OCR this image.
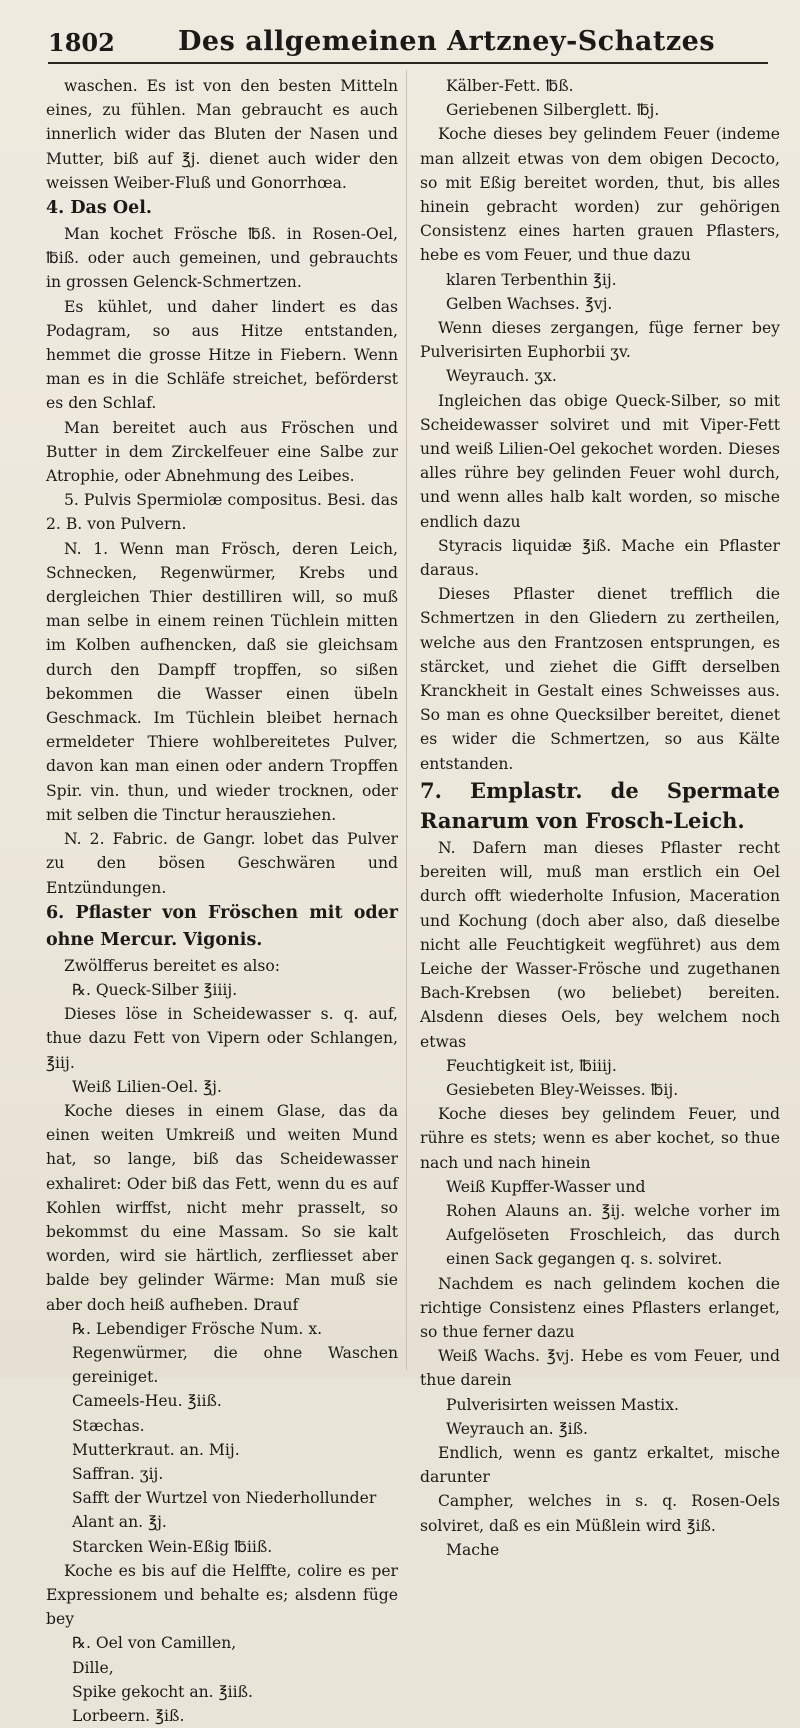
1802 Des allgemeinen Artzney-Schatzes

waschen. Es ist von den besten Mitteln eines, zu fühlen. Man gebraucht es auch innerlich wider das Bluten der Nasen und Mutter, biß auf ℥j. dienet auch wider den weissen Weiber-Fluß und Gonorrhœa.

4. Das Oel.

Man kochet Frösche ℔ß. in Rosen-Oel, ℔iß. oder auch gemeinen, und gebrauchts in grossen Gelenck-Schmertzen.

Es kühlet, und daher lindert es das Podagram, so aus Hitze entstanden, hemmet die grosse Hitze in Fiebern. Wenn man es in die Schläfe streichet, beförderst es den Schlaf.

Man bereitet auch aus Fröschen und Butter in dem Zirckelfeuer eine Salbe zur Atrophie, oder Abnehmung des Leibes.

5. Pulvis Spermiolæ compositus. Besi. das 2. B. von Pulvern.

N. 1. Wenn man Frösch, deren Leich, Schnecken, Regenwürmer, Krebs und dergleichen Thier destilliren will, so muß man selbe in einem reinen Tüchlein mitten im Kolben aufhencken, daß sie gleichsam durch den Dampff tropffen, so sißen bekommen die Wasser einen übeln Geschmack. Im Tüchlein bleibet hernach ermeldeter Thiere wohlbereitetes Pulver, davon kan man einen oder andern Tropffen Spir. vin. thun, und wieder trocknen, oder mit selben die Tinctur herausziehen.

N. 2. Fabric. de Gangr. lobet das Pulver zu den bösen Geschwären und Entzündungen.

6. Pflaster von Fröschen mit oder ohne Mercur. Vigonis.

Zwölfferus bereitet es also:

℞. Queck-Silber ℥iiij.

Dieses löse in Scheidewasser s. q. auf, thue dazu Fett von Vipern oder Schlangen, ℥iij.

Weiß Lilien-Oel. ℥j.

Koche dieses in einem Glase, das da einen weiten Umkreiß und weiten Mund hat, so lange, biß das Scheidewasser exhaliret: Oder biß das Fett, wenn du es auf Kohlen wirffst, nicht mehr prasselt, so bekommst du eine Massam. So sie kalt worden, wird sie härtlich, zerfliesset aber balde bey gelinder Wärme: Man muß sie aber doch heiß aufheben. Drauf

℞. Lebendiger Frösche Num. x.

Regenwürmer, die ohne Waschen gereiniget.

Cameels-Heu. ℥iiß.

Stæchas.

Mutterkraut. an. Mij.

Saffran. ʒij.

Safft der Wurtzel von Niederhollunder

Alant an. ℥j.

Starcken Wein-Eßig ℔iiß.

Koche es bis auf die Helffte, colire es per Expressionem und behalte es; alsdenn füge bey

℞. Oel von Camillen,

Dille,

Spike gekocht an. ℥iiß.

Lorbeern. ℥iß.

Kälber-Fett. ℔ß.

Geriebenen Silberglett. ℔j.

Koche dieses bey gelindem Feuer (indeme man allzeit etwas von dem obigen Decocto, so mit Eßig bereitet worden, thut, bis alles hinein gebracht worden) zur gehörigen Consistenz eines harten grauen Pflasters, hebe es vom Feuer, und thue dazu

klaren Terbenthin ℥ij.

Gelben Wachses. ℥vj.

Wenn dieses zergangen, füge ferner bey Pulverisirten Euphorbii ʒv.

Weyrauch. ʒx.

Ingleichen das obige Queck-Silber, so mit Scheidewasser solviret und mit Viper-Fett und weiß Lilien-Oel gekochet worden. Dieses alles rühre bey gelinden Feuer wohl durch, und wenn alles halb kalt worden, so mische endlich dazu

Styracis liquidæ ℥iß. Mache ein Pflaster daraus.

Dieses Pflaster dienet trefflich die Schmertzen in den Gliedern zu zertheilen, welche aus den Frantzosen entsprungen, es stärcket, und ziehet die Gifft derselben Kranckheit in Gestalt eines Schweisses aus. So man es ohne Quecksilber bereitet, dienet es wider die Schmertzen, so aus Kälte entstanden.

7. Emplastr. de Spermate Ranarum von Frosch-Leich.

N. Dafern man dieses Pflaster recht bereiten will, muß man erstlich ein Oel durch offt wiederholte Infusion, Maceration und Kochung (doch aber also, daß dieselbe nicht alle Feuchtigkeit wegführet) aus dem Leiche der Wasser-Frösche und zugethanen Bach-Krebsen (wo beliebet) bereiten. Alsdenn dieses Oels, bey welchem noch etwas

Feuchtigkeit ist, ℔iiij.

Gesiebeten Bley-Weisses. ℔ij.

Koche dieses bey gelindem Feuer, und rühre es stets; wenn es aber kochet, so thue nach und nach hinein

Weiß Kupffer-Wasser und

Rohen Alauns an. ℥ij. welche vorher im Aufgelöseten Froschleich, das durch einen Sack gegangen q. s. solviret.

Nachdem es nach gelindem kochen die richtige Consistenz eines Pflasters erlanget, so thue ferner dazu

Weiß Wachs. ℥vj. Hebe es vom Feuer, und thue darein

Pulverisirten weissen Mastix.

Weyrauch an. ℥iß.

Endlich, wenn es gantz erkaltet, mische darunter

Campher, welches in s. q. Rosen-Oels solviret, daß es ein Müßlein wird ℥iß.

Mache
